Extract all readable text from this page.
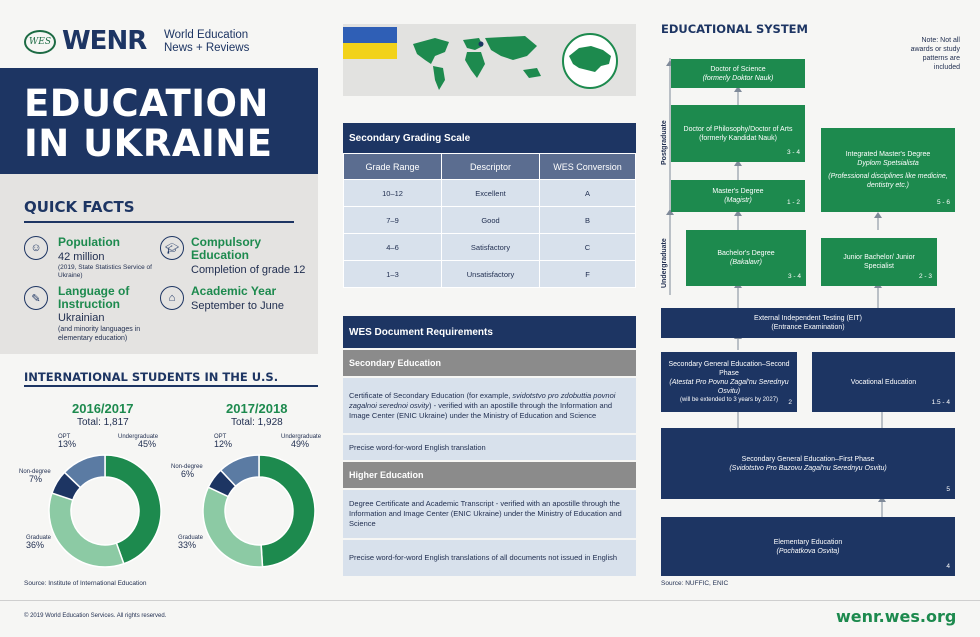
WES WENR World Education News + Reviews
EDUCATION
IN UKRAINE
QUICK FACTS
☺	Population
42 million
(2019, State Statistics Service of Ukraine)
🎓︎	Compulsory
Education
Completion of grade 12
✎
Language of
Instruction
Ukrainian
(and minority languages in elementary education)
⌂	Academic Year
September to June
INTERNATIONAL STUDENTS IN THE U.S.
2016/2017
Total: 1,817
2017/2018
Total: 1,928
OPT
13%
Non-degree
7%
Graduate
36%
Undergraduate
45%
OPT
12%
Non-degree
6%
Graduate
33%
Undergraduate
49%
Source: Institute of International Education
Secondary Grading Scale
Grade Range	Descriptor	WES Conversion
10–12	Excellent	A
7–9	Good	B
4–6	Satisfactory	C
1–3	Unsatisfactory	F
WES Document Requirements
Secondary Education
Certificate of Secondary Education (for example, svidotstvo pro zdobuttia povnoi zagalnoi serednoi osvity) - verified with an apostille through the Information and Image Center (ENIC Ukraine) under the Ministry of Education and Science
Precise word-for-word English translation
Higher Education
Degree Certificate and Academic Transcript - verified with an apostille through the Information and Image Center (ENIC Ukraine) under the Ministry of Education and Science
Precise word-for-word English translations of all documents not issued in English
EDUCATIONAL SYSTEM
Note: Not all awards or study patterns are included
Postgraduate
Undergraduate
Doctor of Science
(formerly Doktor Nauk)
Doctor of Philosophy/Doctor of Arts
(formerly Kandidat Nauk)
3 - 4	Integrated Master's Degree
Dyplom Spetsialista
(Professional disciplines like medicine, dentistry etc.)
5 - 6
Master's Degree
(Magistr)	1 - 2
Bachelor's Degree
(Bakalavr)
3 - 4
Junior Bachelor/ Junior Specialist
2 - 3
External Independent Testing (EIT)
(Entrance Examination)
Secondary General Education–Second Phase
(Atestat Pro Povnu Zagal'nu Serednyu Osvitu)
(will be extended to 3 years by 2027) 2
Vocational Education
1.5 - 4
Secondary General Education–First Phase
(Svidotstvo Pro Bazovu Zagal'nu Serednyu Osvitu)
5
Elementary Education
(Pochatkova Osvita)
4
Source: NUFFIC, ENIC
© 2019 World Education Services. All rights reserved.	wenr.wes.org
